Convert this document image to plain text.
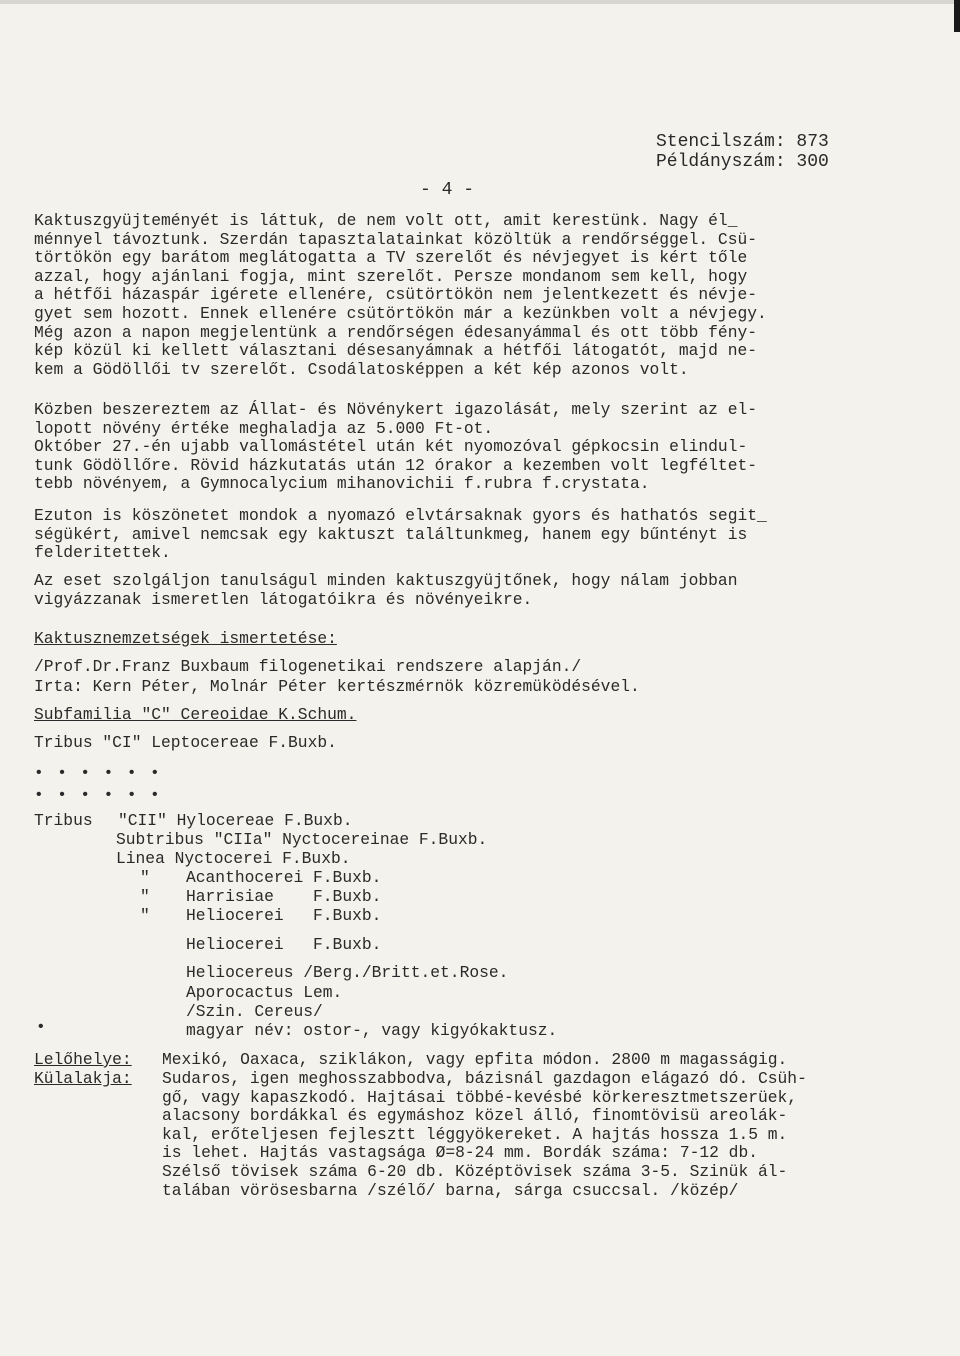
Stencilszám: 873
Példányszám: 300
- 4 -
Kaktuszgyüjteményét is láttuk, de nem volt ott, amit kerestünk. Nagy él_
ménnyel távoztunk. Szerdán tapasztalatainkat közöltük a rendőrséggel. Csü-
törtökön egy barátom meglátogatta a TV szerelőt és névjegyet is kért tőle
azzal, hogy ajánlani fogja, mint szerelőt. Persze mondanom sem kell, hogy
a hétfői házaspár igérete ellenére, csütörtökön nem jelentkezett és névje-
gyet sem hozott. Ennek ellenére csütörtökön már a kezünkben volt a névjegy.
Még azon a napon megjelentünk a rendőrségen édesanyámmal és ott több fény-
kép közül ki kellett választani désesanyámnak a hétfői látogatót, majd ne-
kem a Gödöllői tv szerelőt. Csodálatosképpen a két kép azonos volt.
Közben beszereztem az Állat- és Növénykert igazolását, mely szerint az el-
lopott növény értéke meghaladja az 5.000 Ft-ot.
Október 27.-én ujabb vallomástétel után két nyomozóval gépkocsin elindul-
tunk Gödöllőre. Rövid házkutatás után 12 órakor a kezemben volt legféltet-
tebb növényem, a Gymnocalycium mihanovichii f.rubra f.crystata.
Ezuton is köszönetet mondok a nyomazó elvtársaknak gyors és hathatós segit_
ségükért, amivel nemcsak egy kaktuszt találtunkmeg, hanem egy bűntényt is
felderitettek.
Az eset szolgáljon tanulságul minden kaktuszgyüjtőnek, hogy nálam jobban
vigyázzanak ismeretlen látogatóikra és növényeikre.
Kaktusznemzetségek ismertetése:
/Prof.Dr.Franz Buxbaum filogenetikai rendszere alapján./
Irta: Kern Péter, Molnár Péter kertészmérnök közremüködésével.
Subfamilia "C" Cereoidae K.Schum.
Tribus "CI" Leptocereae F.Buxb.
• • • • • •
• • • • • •
Tribus "CII" Hylocereae F.Buxb.
Subtribus "CIIa" Nyctocereinae F.Buxb.
Linea Nyctocerei F.Buxb.
" Acanthocerei F.Buxb.
" Harrisiae    F.Buxb.
" Heliocerei   F.Buxb.
Heliocerei   F.Buxb.
Heliocereus /Berg./Britt.et.Rose.
Aporocactus Lem.
/Szin. Cereus/
magyar név: ostor-, vagy kigyókaktusz.
•
Lelőhelye: Mexikó, Oaxaca, sziklákon, vagy epfita módon. 2800 m magasságig.
Külalakja: Sudaros, igen meghosszabbodva, bázisnál gazdagon elágazó dó. Csüh-
gő, vagy kapaszkodó. Hajtásai többé-kevésbé körkeresztmetszerüek,
alacsony bordákkal és egymáshoz közel álló, finomtövisü areolák-
kal, erőteljesen fejlesztt léggyökereket. A hajtás hossza 1.5 m.
is lehet. Hajtás vastagsága Ø=8-24 mm. Bordák száma: 7-12 db.
Szélső tövisek száma 6-20 db. Középtövisek száma 3-5. Szinük ál-
talában vörösesbarna /szélő/ barna, sárga csuccsal. /közép/
